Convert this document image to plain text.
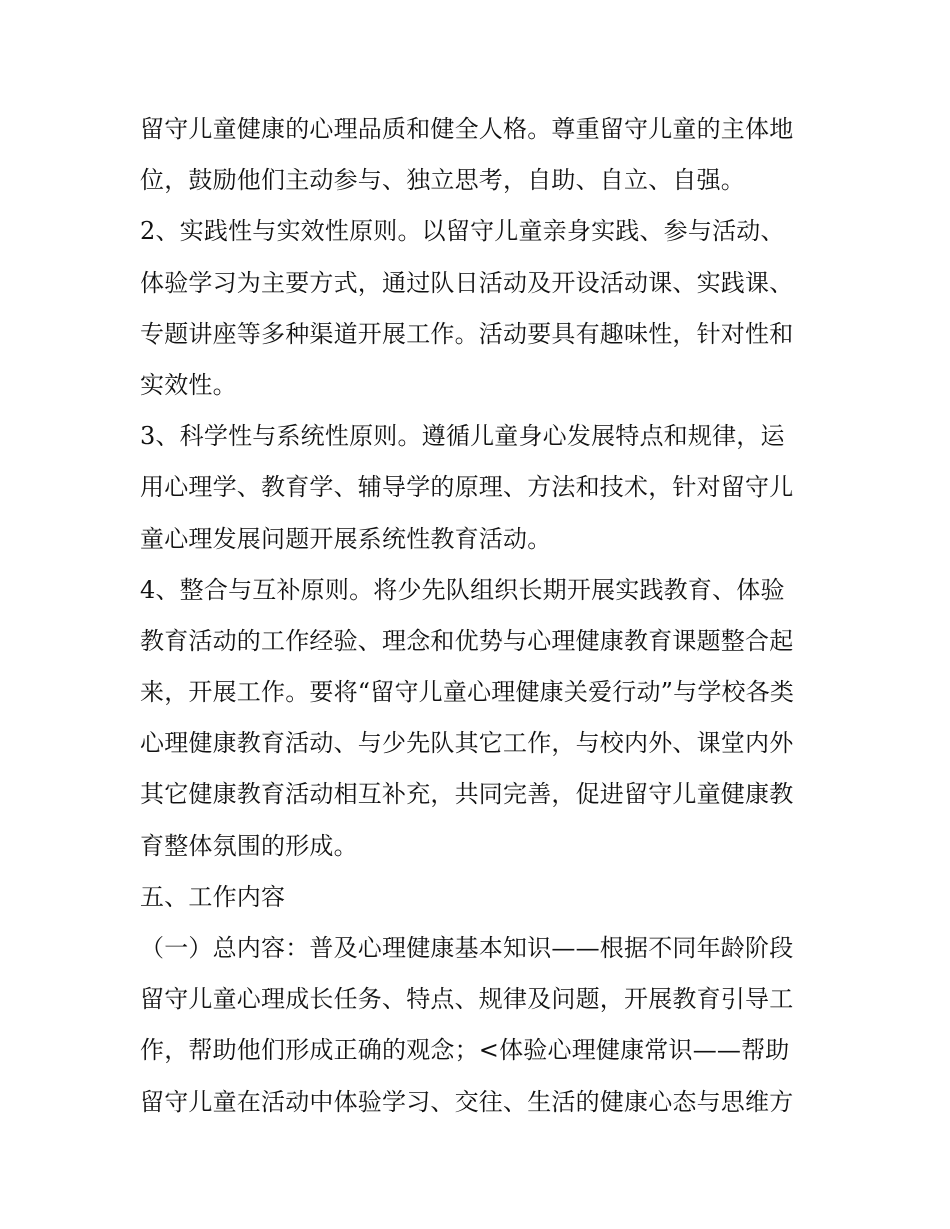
留守儿童健康的心理品质和健全人格。尊重留守儿童的主体地
位，鼓励他们主动参与、独立思考，自助、自立、自强。
2、实践性与实效性原则。以留守儿童亲身实践、参与活动、
体验学习为主要方式，通过队日活动及开设活动课、实践课、
专题讲座等多种渠道开展工作。活动要具有趣味性，针对性和
实效性。
3、科学性与系统性原则。遵循儿童身心发展特点和规律，运
用心理学、教育学、辅导学的原理、方法和技术，针对留守儿
童心理发展问题开展系统性教育活动。
4、整合与互补原则。将少先队组织长期开展实践教育、体验
教育活动的工作经验、理念和优势与心理健康教育课题整合起
来，开展工作。要将“留守儿童心理健康关爱行动”与学校各类
心理健康教育活动、与少先队其它工作，与校内外、课堂内外
其它健康教育活动相互补充，共同完善，促进留守儿童健康教
育整体氛围的形成。
五、工作内容
（一）总内容：普及心理健康基本知识——根据不同年龄阶段
留守儿童心理成长任务、特点、规律及问题，开展教育引导工
作，帮助他们形成正确的观念；<体验心理健康常识——帮助
留守儿童在活动中体验学习、交往、生活的健康心态与思维方
